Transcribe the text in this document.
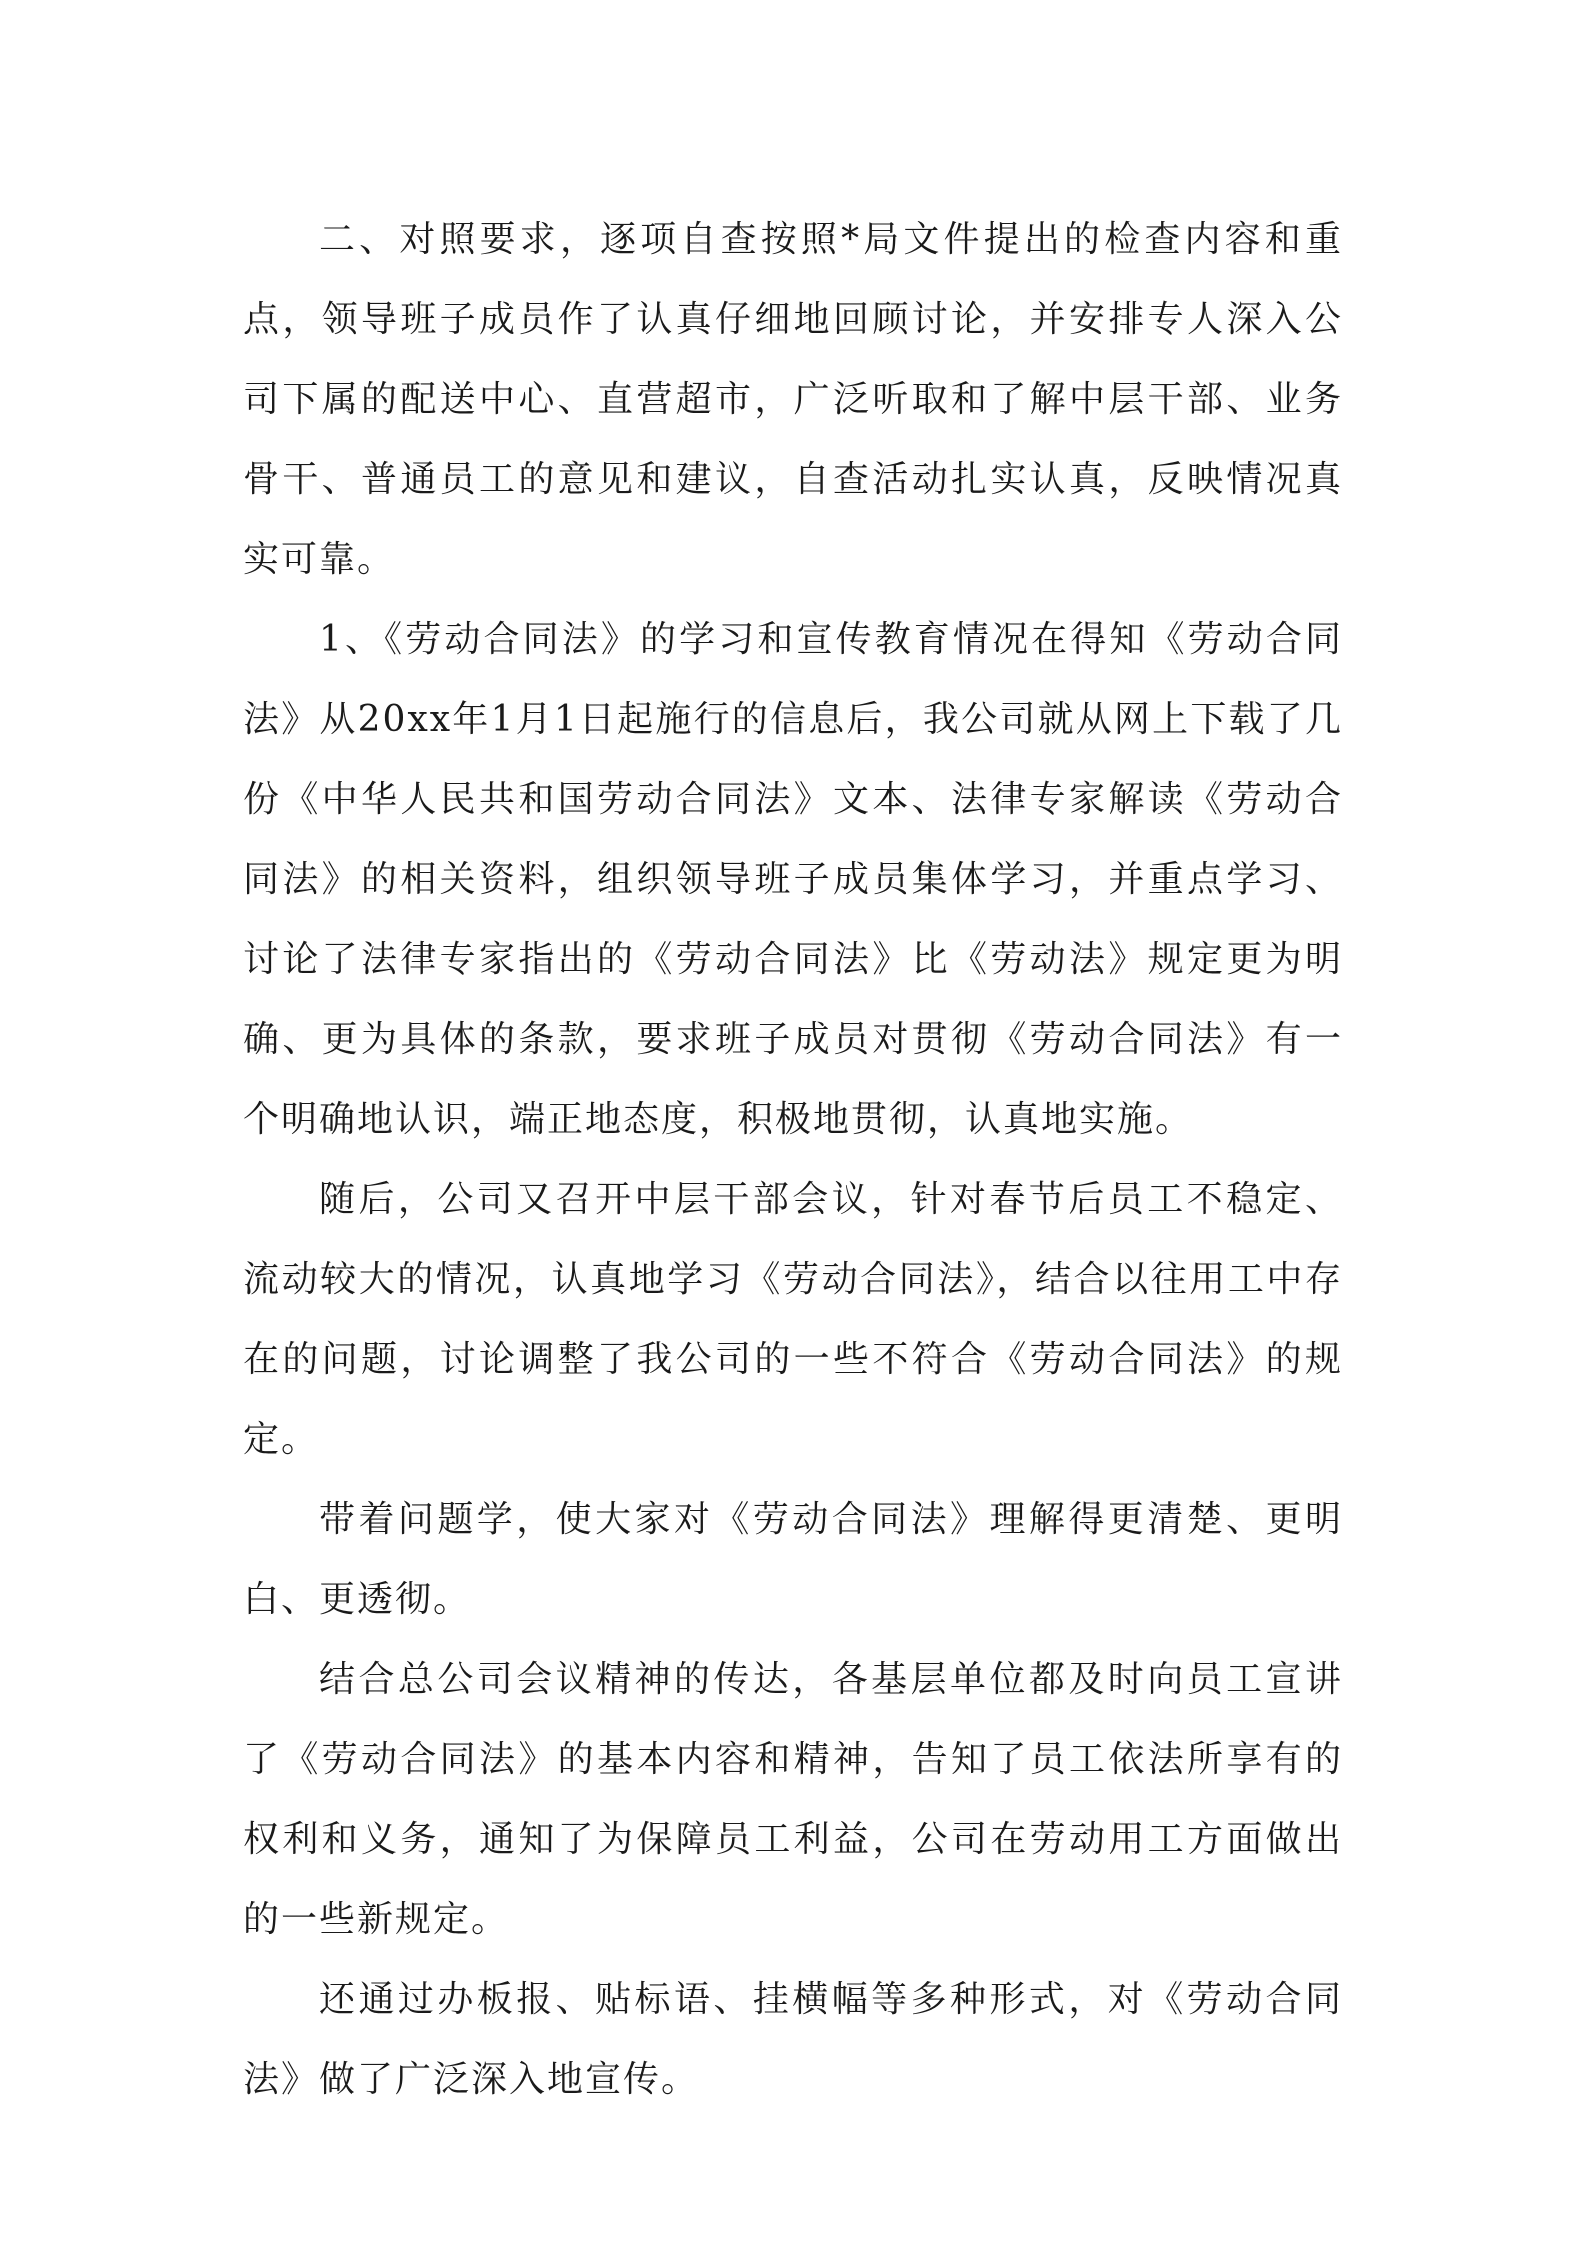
二、对照要求，逐项自查按照*局文件提出的检查内容和重点，领导班子成员作了认真仔细地回顾讨论，并安排专人深入公司下属的配送中心、直营超市，广泛听取和了解中层干部、业务骨干、普通员工的意见和建议，自查活动扎实认真，反映情况真实可靠。

1、《劳动合同法》的学习和宣传教育情况在得知《劳动合同法》从20xx年1月1日起施行的信息后，我公司就从网上下载了几份《中华人民共和国劳动合同法》文本、法律专家解读《劳动合同法》的相关资料，组织领导班子成员集体学习，并重点学习、讨论了法律专家指出的《劳动合同法》比《劳动法》规定更为明确、更为具体的条款，要求班子成员对贯彻《劳动合同法》有一个明确地认识，端正地态度，积极地贯彻，认真地实施。

随后，公司又召开中层干部会议，针对春节后员工不稳定、流动较大的情况，认真地学习《劳动合同法》，结合以往用工中存在的问题，讨论调整了我公司的一些不符合《劳动合同法》的规定。

带着问题学，使大家对《劳动合同法》理解得更清楚、更明白、更透彻。

结合总公司会议精神的传达，各基层单位都及时向员工宣讲了《劳动合同法》的基本内容和精神，告知了员工依法所享有的权利和义务，通知了为保障员工利益，公司在劳动用工方面做出的一些新规定。

还通过办板报、贴标语、挂横幅等多种形式，对《劳动合同法》做了广泛深入地宣传。
